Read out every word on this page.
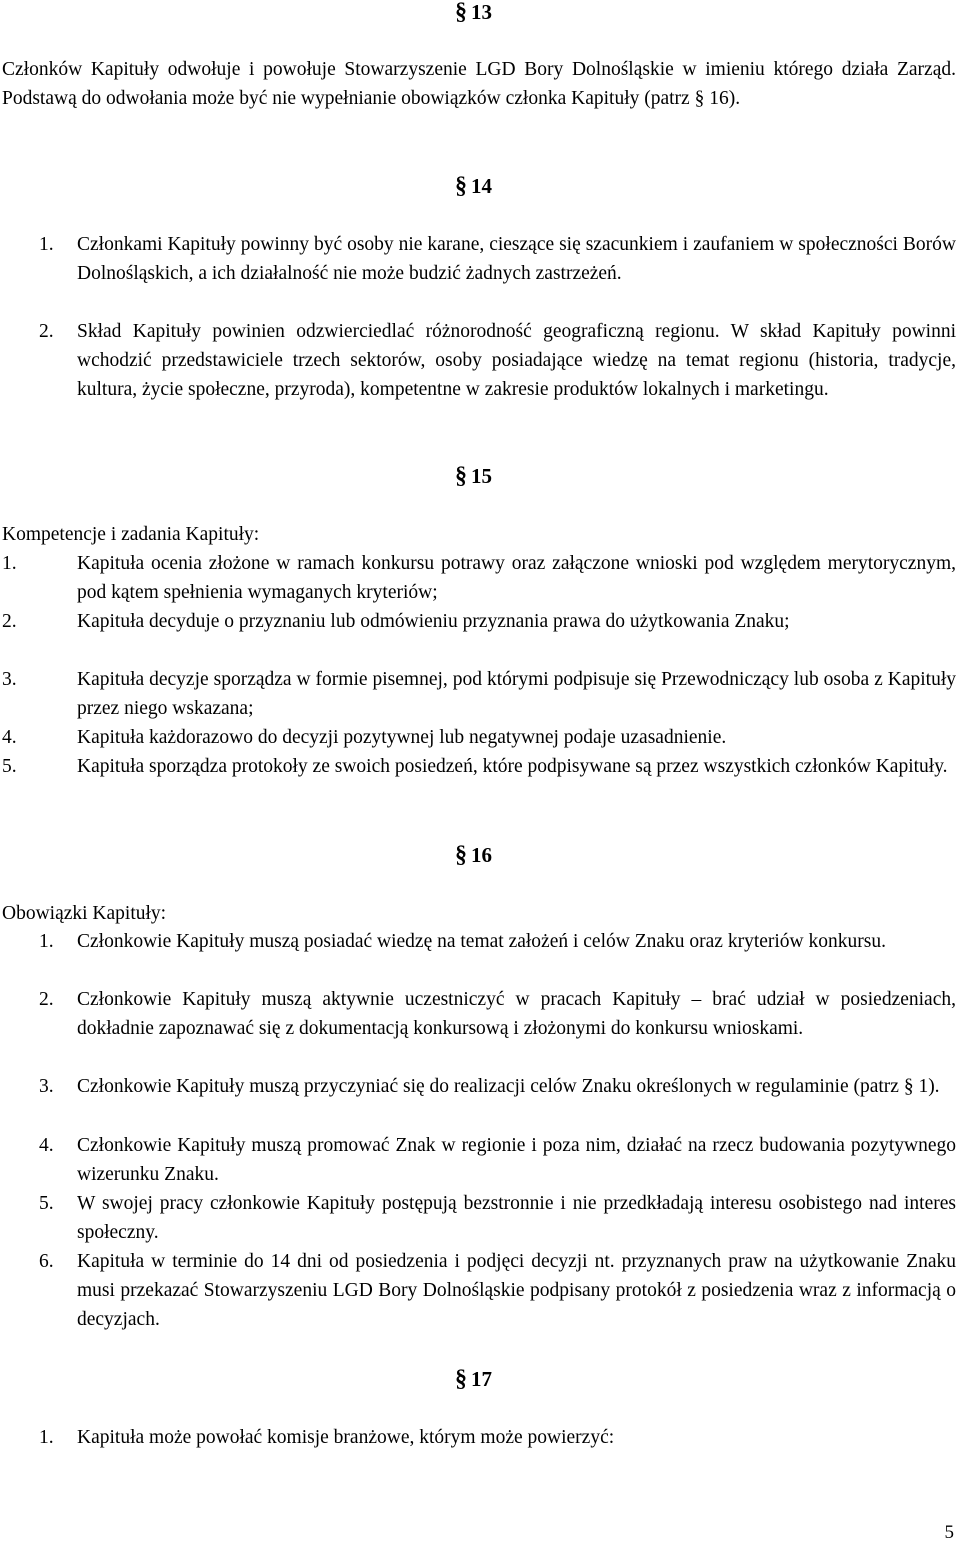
§ 13
Członków Kapituły odwołuje i powołuje Stowarzyszenie LGD Bory Dolnośląskie w imieniu którego działa Zarząd. Podstawą do odwołania może być nie wypełnianie obowiązków członka Kapituły (patrz § 16).
§ 14
1. Członkami Kapituły powinny być osoby nie karane, cieszące się szacunkiem i zaufaniem w społeczności Borów Dolnośląskich, a ich działalność nie może budzić żadnych zastrzeżeń.
2. Skład Kapituły powinien odzwierciedlać różnorodność geograficzną regionu. W skład Kapituły powinni wchodzić przedstawiciele trzech sektorów, osoby posiadające wiedzę na temat regionu (historia, tradycje, kultura, życie społeczne, przyroda), kompetentne w zakresie produktów lokalnych i marketingu.
§ 15
Kompetencje i zadania Kapituły:
1.	Kapituła ocenia złożone w ramach konkursu potrawy oraz załączone wnioski pod względem merytorycznym, pod kątem spełnienia wymaganych kryteriów;
2.	Kapituła decyduje o przyznaniu lub odmówieniu przyznania prawa do użytkowania Znaku;
3.	Kapituła decyzje sporządza w formie pisemnej, pod którymi podpisuje się Przewodniczący lub osoba z Kapituły przez niego wskazana;
4.	Kapituła każdorazowo do decyzji pozytywnej lub negatywnej podaje uzasadnienie.
5.	Kapituła sporządza protokoły ze swoich posiedzeń, które podpisywane są przez wszystkich członków Kapituły.
§ 16
Obowiązki Kapituły:
1. Członkowie Kapituły muszą posiadać wiedzę na temat założeń i celów Znaku oraz kryteriów konkursu.
2. Członkowie Kapituły muszą aktywnie uczestniczyć w pracach Kapituły – brać udział w posiedzeniach, dokładnie zapoznawać się z dokumentacją konkursową i złożonymi do konkursu wnioskami.
3. Członkowie Kapituły muszą przyczyniać się do realizacji celów Znaku określonych w regulaminie (patrz § 1).
4. Członkowie Kapituły muszą promować Znak w regionie i poza nim, działać na rzecz budowania pozytywnego wizerunku Znaku.
5. W swojej pracy członkowie Kapituły postępują bezstronnie i nie przedkładają interesu osobistego nad interes społeczny.
6. Kapituła w terminie do 14 dni od posiedzenia i podjęci decyzji nt. przyznanych praw na użytkowanie Znaku musi przekazać Stowarzyszeniu LGD Bory Dolnośląskie podpisany protokół z posiedzenia wraz z informacją o decyzjach.
§ 17
1. Kapituła może powołać komisje branżowe, którym może powierzyć:
5
